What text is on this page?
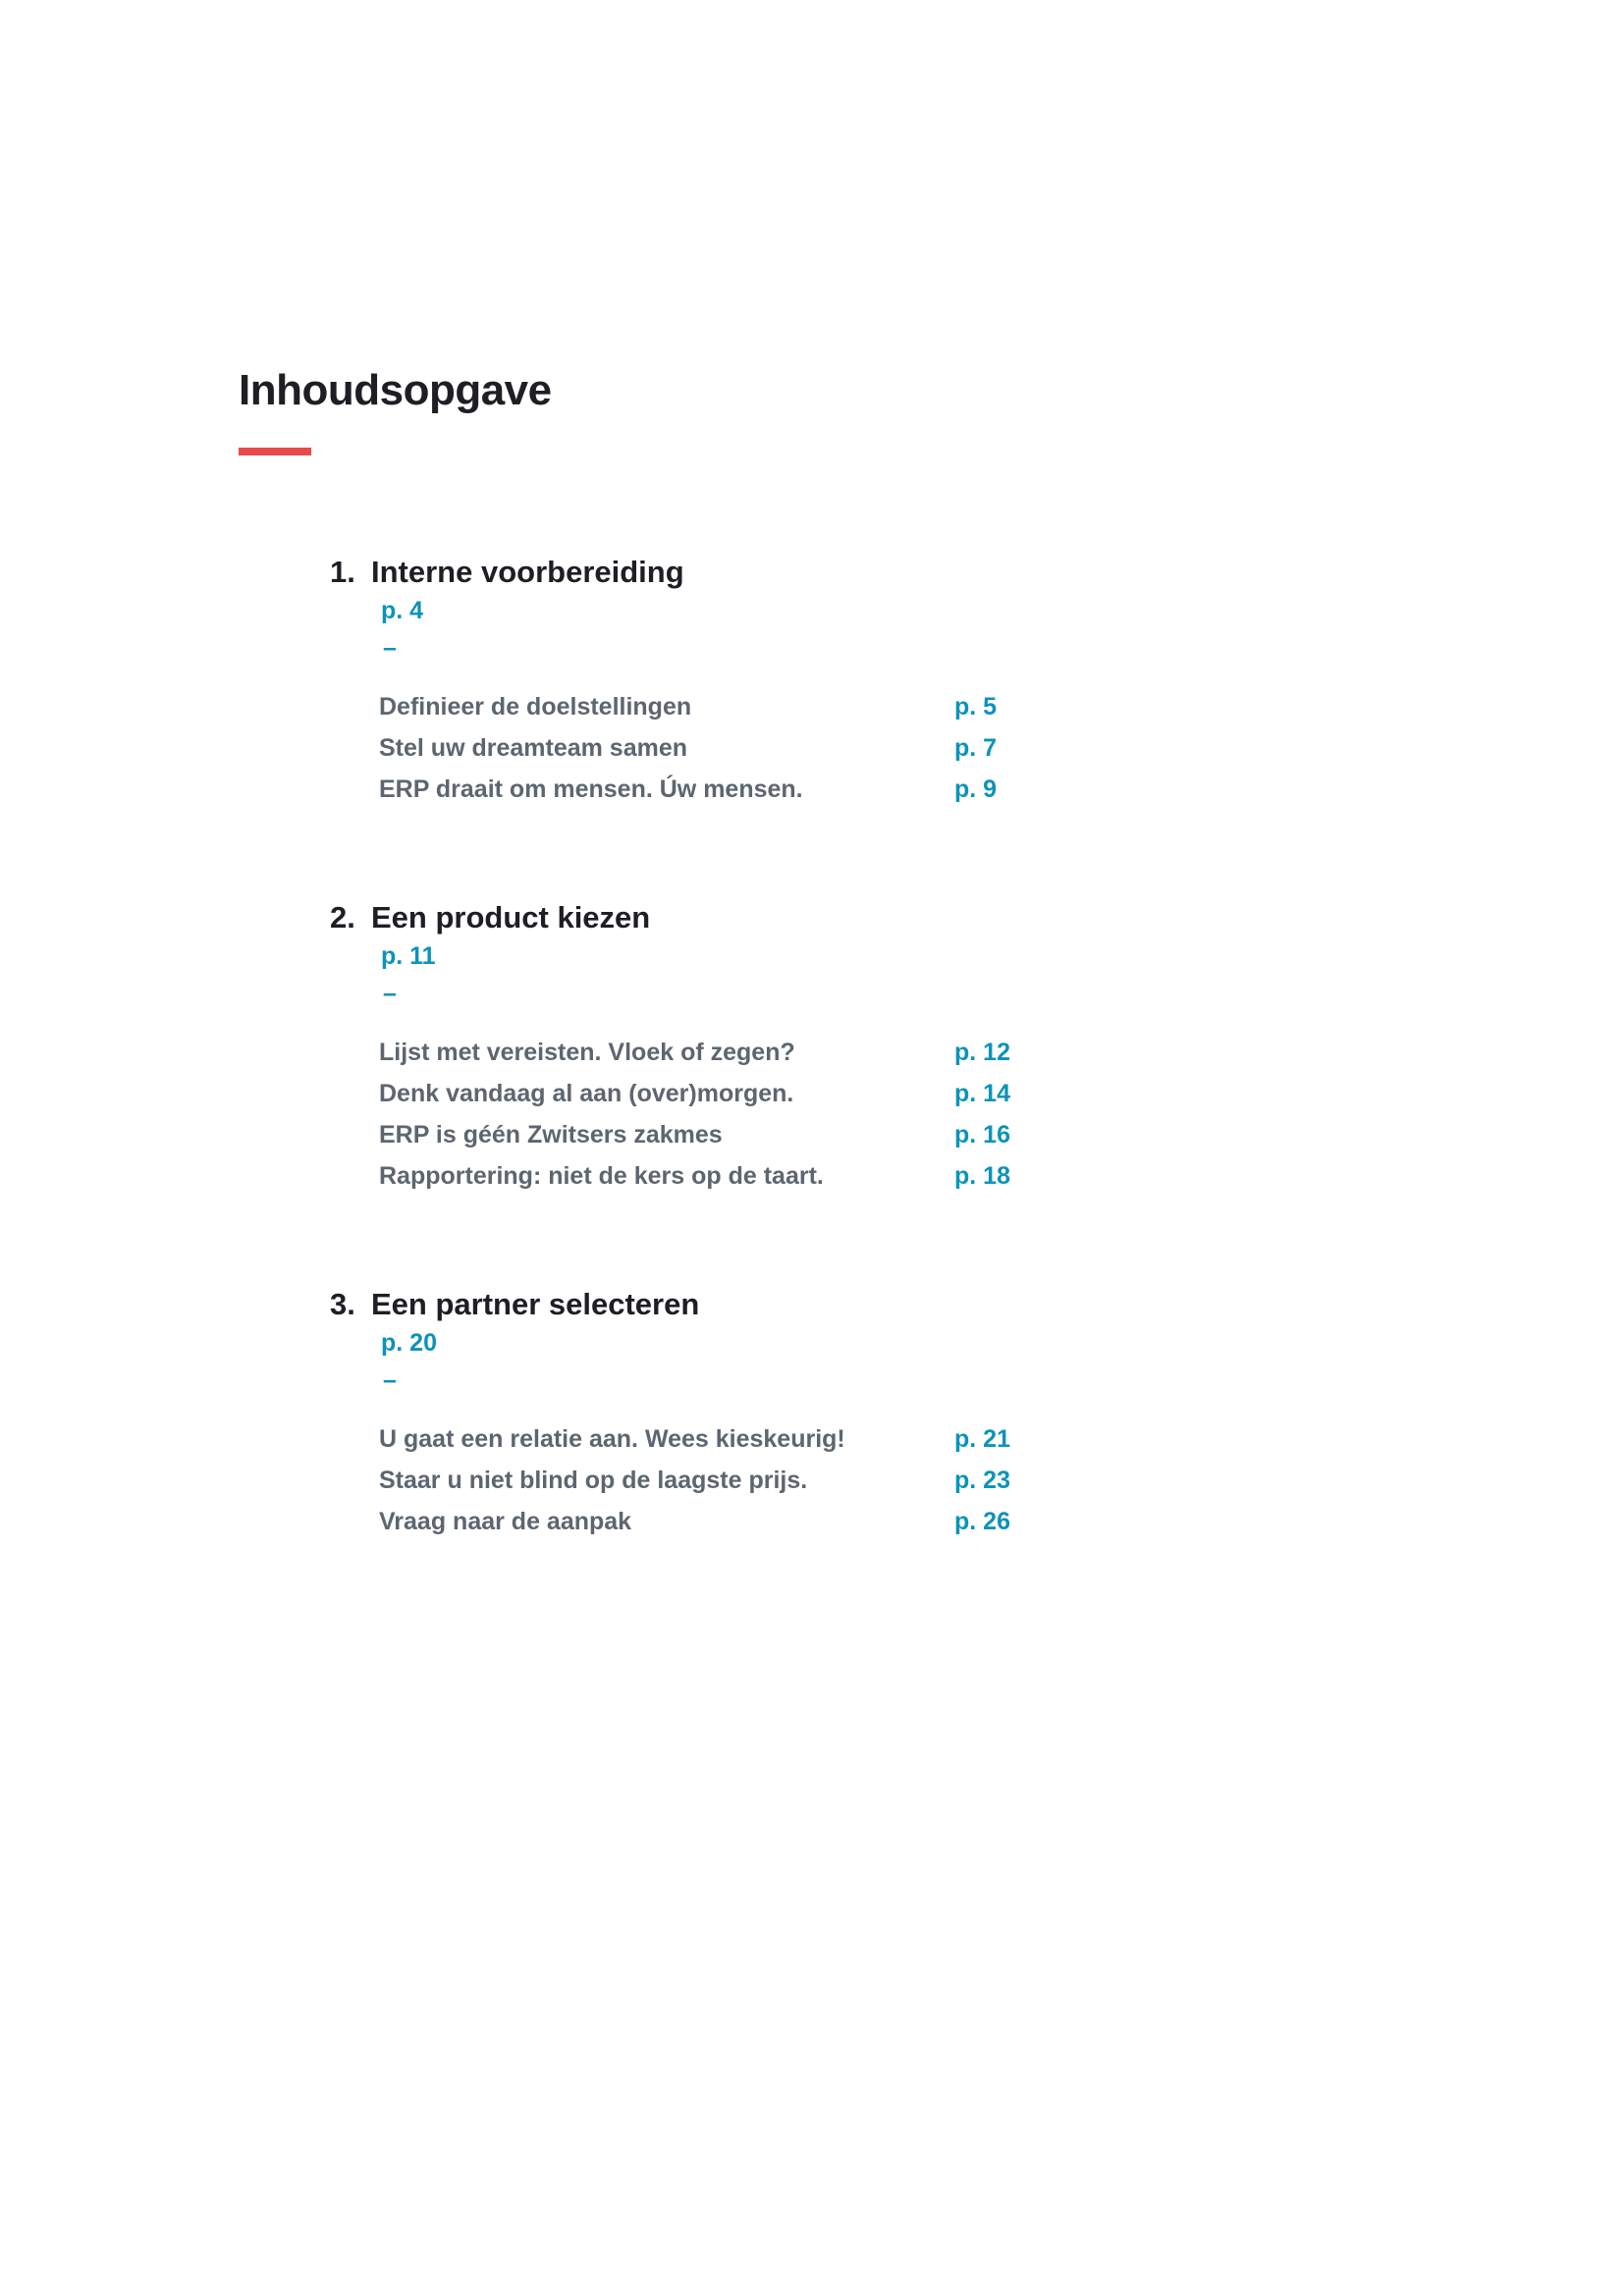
Inhoudsopgave
1. Interne voorbereiding
p. 4
–
Definieer de doelstellingen	p. 5
Stel uw dreamteam samen	p. 7
ERP draait om mensen. Úw mensen.	p. 9
2. Een product kiezen
p. 11
–
Lijst met vereisten. Vloek of zegen?	p. 12
Denk vandaag al aan (over)morgen.	p. 14
ERP is géén Zwitsers zakmes	p. 16
Rapportering: niet de kers op de taart.	p. 18
3. Een partner selecteren
p. 20
–
U gaat een relatie aan. Wees kieskeurig!	p. 21
Staar u niet blind op de laagste prijs.	p. 23
Vraag naar de aanpak	p. 26
